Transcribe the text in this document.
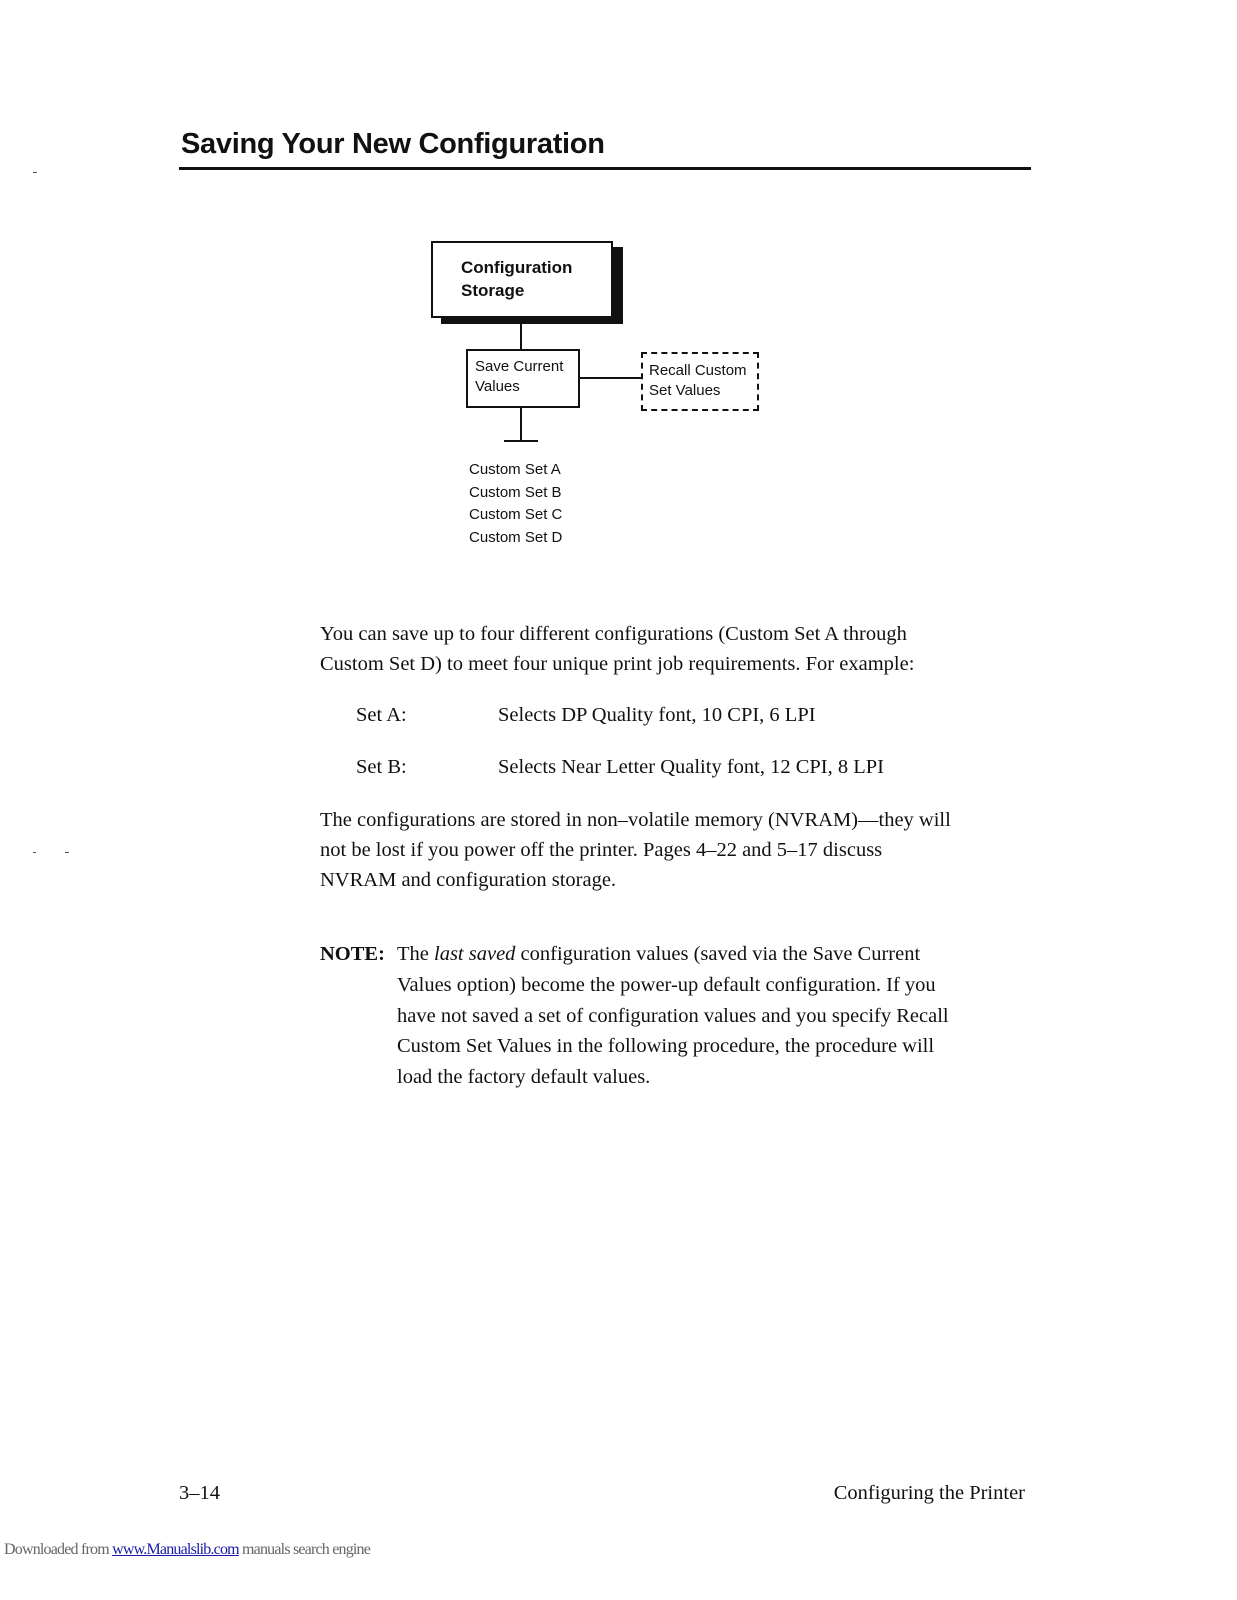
Saving Your New Configuration
Configuration
Storage
Save Current
Values
Recall Custom
Set Values
Custom Set A
Custom Set B
Custom Set C
Custom Set D
You can save up to four different configurations (Custom Set A through
Custom Set D) to meet four unique print job requirements. For example:
Set A:	Selects DP Quality font, 10 CPI, 6 LPI
Set B:	Selects Near Letter Quality font, 12 CPI, 8 LPI
The configurations are stored in non–volatile memory (NVRAM)—they will
not be lost if you power off the printer. Pages 4–22 and 5–17 discuss
NVRAM and configuration storage.
NOTE: The last saved configuration values (saved via the Save Current
Values option) become the power-up default configuration. If you
have not saved a set of configuration values and you specify Recall
Custom Set Values in the following procedure, the procedure will
load the factory default values.
3–14	Configuring the Printer
Downloaded from www.Manualslib.com manuals search engine
